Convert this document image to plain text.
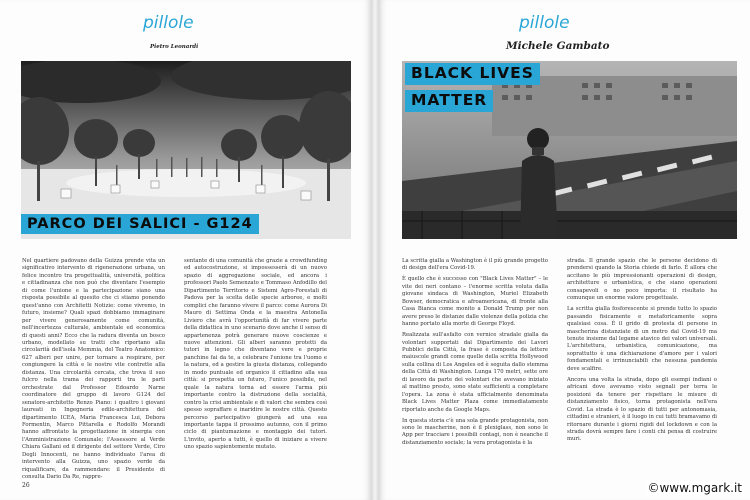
pillole
Pietro Leonardi
PARCO DEI SALICI - G124

Nel quartiere padovano della Guizza prende vita un significativo intervento di rigenerazione urbana, un felice incontro tra progettualità, università, politica e cittadinanza che non può che diventare l'esempio di come l'unione e la partecipazione siano una risposta possibile al quesito che ci stiamo ponendo quest'anno con Architetti Notizie: come vivremo, in futuro, insieme? Quali spazi dobbiamo immaginare per vivere generosamente come comunità, nell'incertezza culturale, ambientale ed economica di questi anni? Ecco che la radura diventa un bosco urbano, modellato su tratti che riportano alla circolarità dell'isola Memmia, del Teatro Anatomico: 627 alberi per unire, per tornare a respirare, per congiungere la città e le nostre vite contrette alla distanza. Una circolarità cercata, che trova il suo fulcro nella trama dei rapporti tra le parti orchestrate dal Professor Edoardo Narne coordinatore del gruppo di lavoro G124 del senatore-architetto Renzo Piano: i quattro i giovani laureati in Ingegneria edile-architettura del dipartimento ICEA, Maria Francesca Lui, Debora Formentin, Marco Pittarella e Rodolfo Morandi hanno affrontato la progettazione in sinergia con l'Amministrazione Comunale; l'Assessore al Verde Chiara Gallani ed il dirigente del settore Verde, Ciro Degli Innocenti, ne hanno individuato l'area di intervento alla Guizza, uno spazio verde da riqualificare, da rammendare: il Presidente di consulta Dario Da Re, rappre-

sentante di una comunità che grazie a crowdfunding ed autocostruzione, si impossesserà di un nuovo spazio di aggregazione sociale, ed ancora i professori Paolo Semenzato e Tommaso Anfodillo del Dipartimento Territorio e Sistemi Agro-Forestali di Padova per la scelta delle specie arboree, e molti complici che faranno vivere il parco: come Aurora Di Mauro di Settima Onda e la maestra Antonella Liviero che avrà l'opportunità di far vivere parte della didattica in uno scenario dove anche il senso di appartenenza potrà generare nuove coscienze e nuove attenzioni. Gli alberi saranno protetti da tutori in legno che diventano vere e proprie panchine fai da te, a celebrare l'unione tra l'uomo e la natura, ed a gestire la giusta distanza, collegando in modo puntuale ed organico il cittadino alla sua città: si prospetta un futuro, l'unico possibile, nel quale la natura torna ad essere l'arma più importante contro la distruzione della socialità, contro la crisi ambientale e di valori che sembra così spesso sopraffare e inaridire le nostre città. Questo percorso partecipativo giungerà ad una sua importante tappa il prossimo autunno, con il primo ciclo di piantumazione e montaggio dei tutori. L'invito, aperto a tutti, è quello di iniziare a vivere uno spazio sapientemente mutato.

26
pillole
Michele Gambato
BLACK LIVES
MATTER

La scritta gialla a Washington è il più grande progetto di design dell'era Covid-19.

È quello che è successo con "Black Lives Matter" – le vite dei neri contano – l'enorme scritta voluta dalla giovane sindaca di Washington, Muriel Elizabeth Bowser, democratica e afroamericana, di fronte alla Casa Bianca come monito a Donald Trump per non avere preso le distanze dalle violenze della polizia che hanno portato alla morte di George Floyd.

Realizzata sull'asfalto con vernice stradale gialla da volontari supportati dal Dipartimento dei Lavori Pubblici della Città, la frase è composta da lettere maiuscole grandi come quelle della scritta Hollywood sulla collina di Los Angeles ed è seguita dallo stemma della Città di Washington. Lunga 170 metri, sette ore di lavoro da parte dei volontari che avevano iniziato al mattino presto, sono state sufficienti a completare l'opera. La zona è stata ufficialmente denominata Black Lives Matter Plaza come immediatamente riportato anche da Google Maps.

In questa storia c'è una sola grande protagonista, non sono le mascherine, non è il plexiglass, non sono le App per tracciare i possibili contagi, non è neanche il distanziamento sociale; la vera protagonista è la

strada. Il grande spazio che le persone decidono di prendersi quando la Storia chiede di farlo. È allora che accitano le più impressionanti operazioni di design, architetture e urbanistica, e che siano operazioni consapevoli o no poco importa: il risultato ha comunque un enorme valore progettuale.

La scritta gialla fosforescente si prende tutto lo spazio passando fisicamente e metaforicamente sopra qualsiasi cosa. È il grido di protesta di persone in mascherina distanziate di un metro dal Covid-19 ma tenute insieme dal legame atavico dei valori universali. L'architettura, urbanistica, comunicazione, ma soprattutto è una dichiarazione d'amore per i valori fondamentali e irrinunciabili che nessuna pandemia deve scalfire.

Ancora una volta la strada, dopo gli esempi indiani o africani dove avevamo visto segnali per terra le posizioni da tenere per rispettare le misure di distanziamento fisico, torna protagonista nell'era Covid. La strada è lo spazio di tutti per antonomasia, cittadini e stranieri, è il luogo in cui tutti bramavamo di ritornare durante i giorni rigidi del lockdown e con la strada dovrà sempre fare i conti chi pensa di costruire muri.

©www.mgark.it
